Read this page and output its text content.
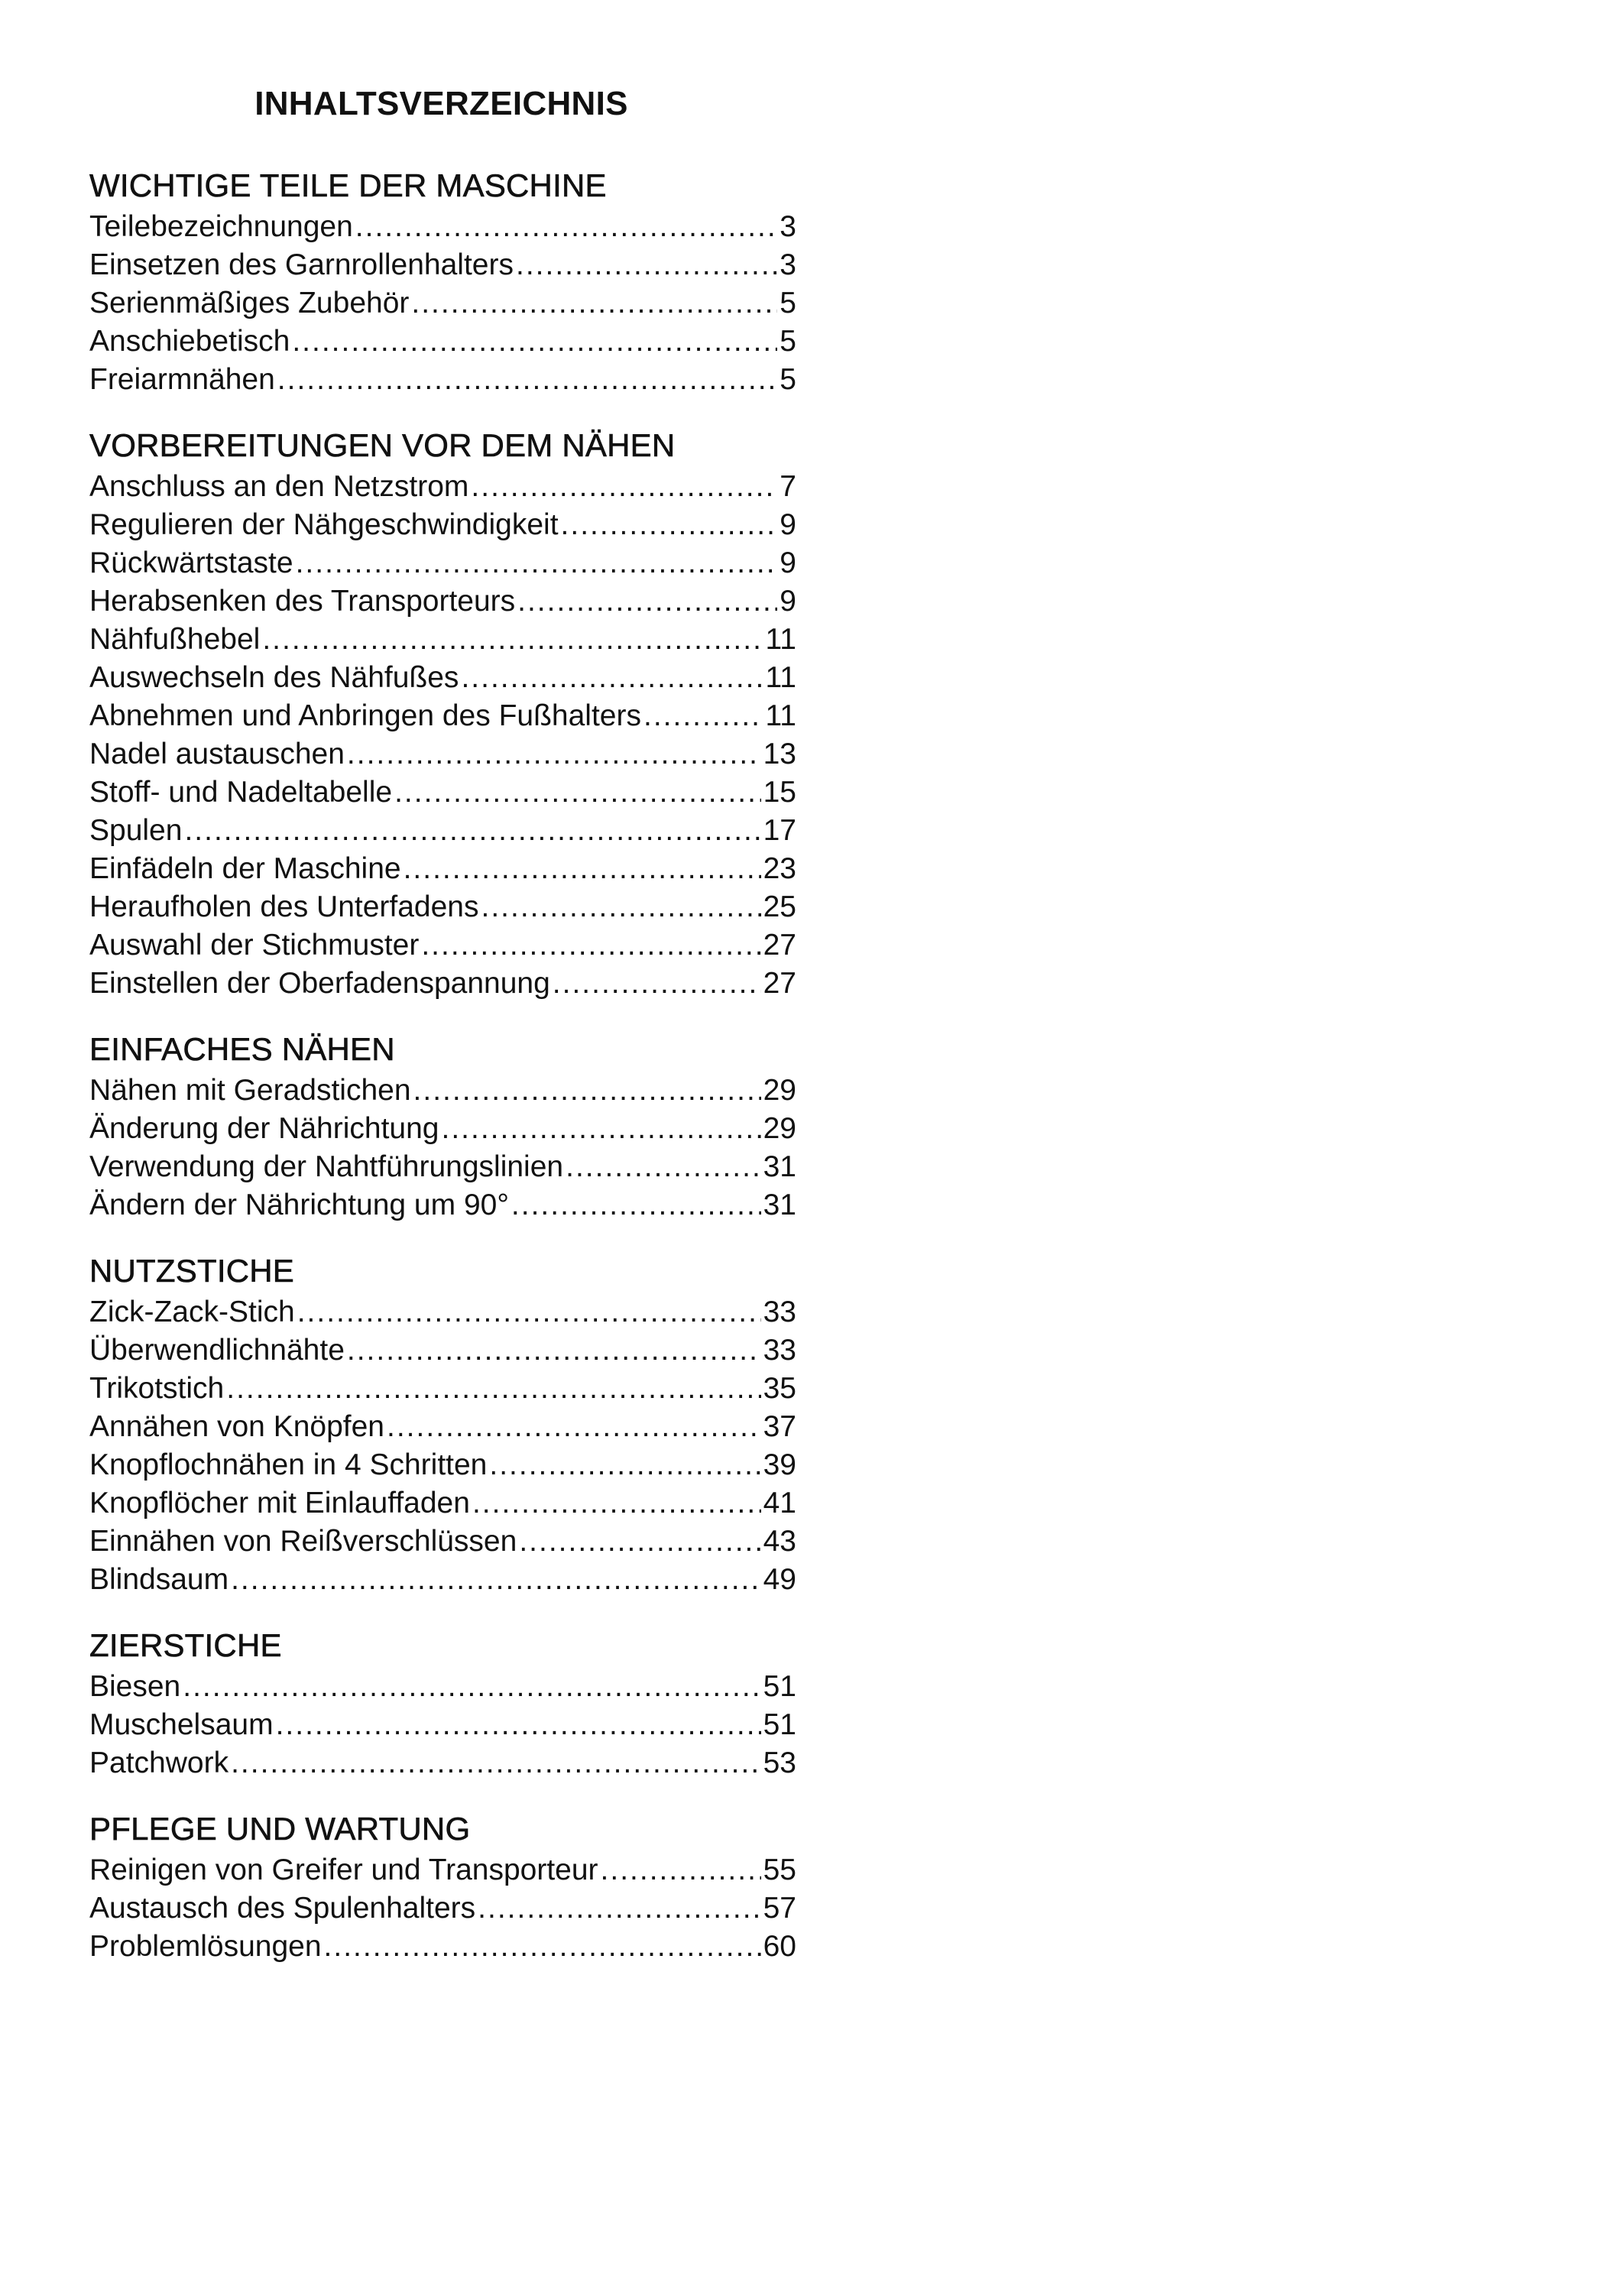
INHALTSVERZEICHNIS
WICHTIGE TEILE DER MASCHINE
Teilebezeichnungen .....	3
Einsetzen des Garnrollenhalters .....	3
Serienmäßiges Zubehör .....	5
Anschiebetisch .....	5
Freiarmnähen .....	5
VORBEREITUNGEN VOR DEM NÄHEN
Anschluss an den Netzstrom .....	7
Regulieren der Nähgeschwindigkeit .....	9
Rückwärtstaste .....	9
Herabsenken des Transporteurs .....	9
Nähfußhebel .....	11
Auswechseln des Nähfußes .....	11
Abnehmen und Anbringen des Fußhalters .....	11
Nadel austauschen .....	13
Stoff- und Nadeltabelle .....	15
Spulen .....	17
Einfädeln der Maschine .....	23
Heraufholen des Unterfadens .....	25
Auswahl der Stichmuster .....	27
Einstellen der Oberfadenspannung .....	27
EINFACHES NÄHEN
Nähen mit Geradstichen .....	29
Änderung der Nährichtung .....	29
Verwendung der Nahtführungslinien .....	31
Ändern der Nährichtung um 90° .....	31
NUTZSTICHE
Zick-Zack-Stich .....	33
Überwendlichnähte .....	33
Trikotstich .....	35
Annähen von Knöpfen .....	37
Knopflochnähen in 4 Schritten .....	39
Knopflöcher mit Einlauffaden .....	41
Einnähen von Reißverschlüssen .....	43
Blindsaum .....	49
ZIERSTICHE
Biesen .....	51
Muschelsaum .....	51
Patchwork .....	53
PFLEGE UND WARTUNG
Reinigen von Greifer und Transporteur .....	55
Austausch des Spulenhalters .....	57
Problemlösungen .....	60
